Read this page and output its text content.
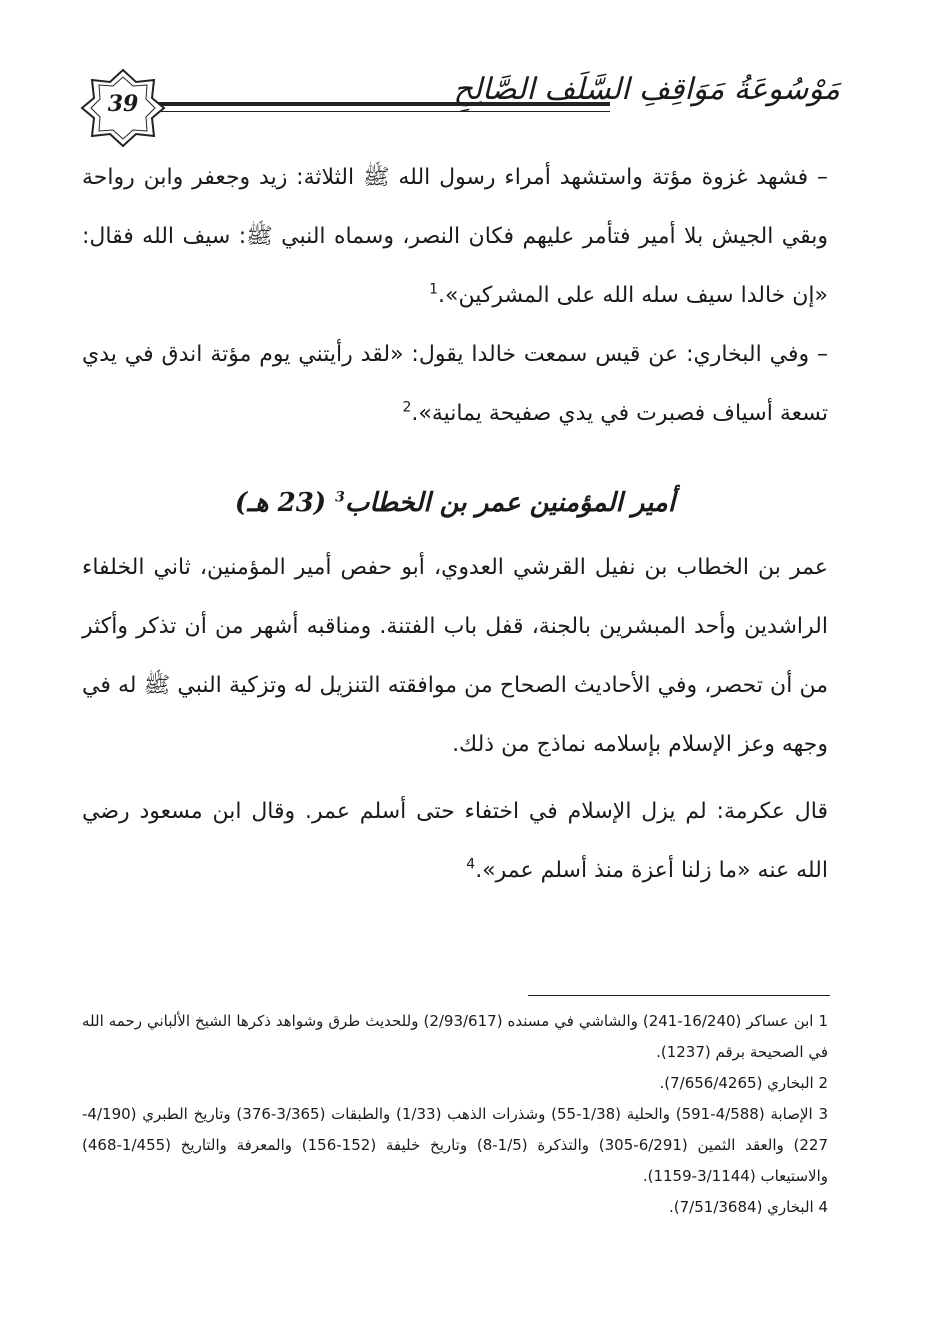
مَوْسُوعَةُ مَوَاقِفِ السَّلَفِ الصَّالِحِ
39

– فشهد غزوة مؤتة واستشهد أمراء رسول الله ﷺ الثلاثة: زيد وجعفر وابن رواحة وبقي الجيش بلا أمير فتأمر عليهم فكان النصر، وسماه النبي ﷺ: سيف الله فقال: «إن خالدا سيف سله الله على المشركين».$^1$

– وفي البخاري: عن قيس سمعت خالدا يقول: «لقد رأيتني يوم مؤتة اندق في يدي تسعة أسياف فصبرت في يدي صفيحة يمانية».$^2$

أمير المؤمنين عمر بن الخطاب$^3$ (23 هـ)

عمر بن الخطاب بن نفيل القرشي العدوي، أبو حفص أمير المؤمنين، ثاني الخلفاء الراشدين وأحد المبشرين بالجنة، قفل باب الفتنة. ومناقبه أشهر من أن تذكر وأكثر من أن تحصر، وفي الأحاديث الصحاح من موافقته التنزيل له وتزكية النبي ﷺ له في وجهه وعز الإسلام بإسلامه نماذج من ذلك.

قال عكرمة: لم يزل الإسلام في اختفاء حتى أسلم عمر. وقال ابن مسعود رضي الله عنه «ما زلنا أعزة منذ أسلم عمر».$^4$

1 ابن عساكر (16/240-241) والشاشي في مسنده (2/93/617) وللحديث طرق وشواهد ذكرها الشيخ الألباني رحمه الله في الصحيحة برقم (1237).

2 البخاري (7/656/4265).

3 الإصابة (4/588-591) والحلية (1/38-55) وشذرات الذهب (1/33) والطبقات (3/365-376) وتاريخ الطبري (4/190-227) والعقد الثمين (6/291-305) والتذكرة (1/5-8) وتاريخ خليفة (152-156) والمعرفة والتاريخ (1/455-468) والاستيعاب (3/1144-1159).

4 البخاري (7/51/3684).
